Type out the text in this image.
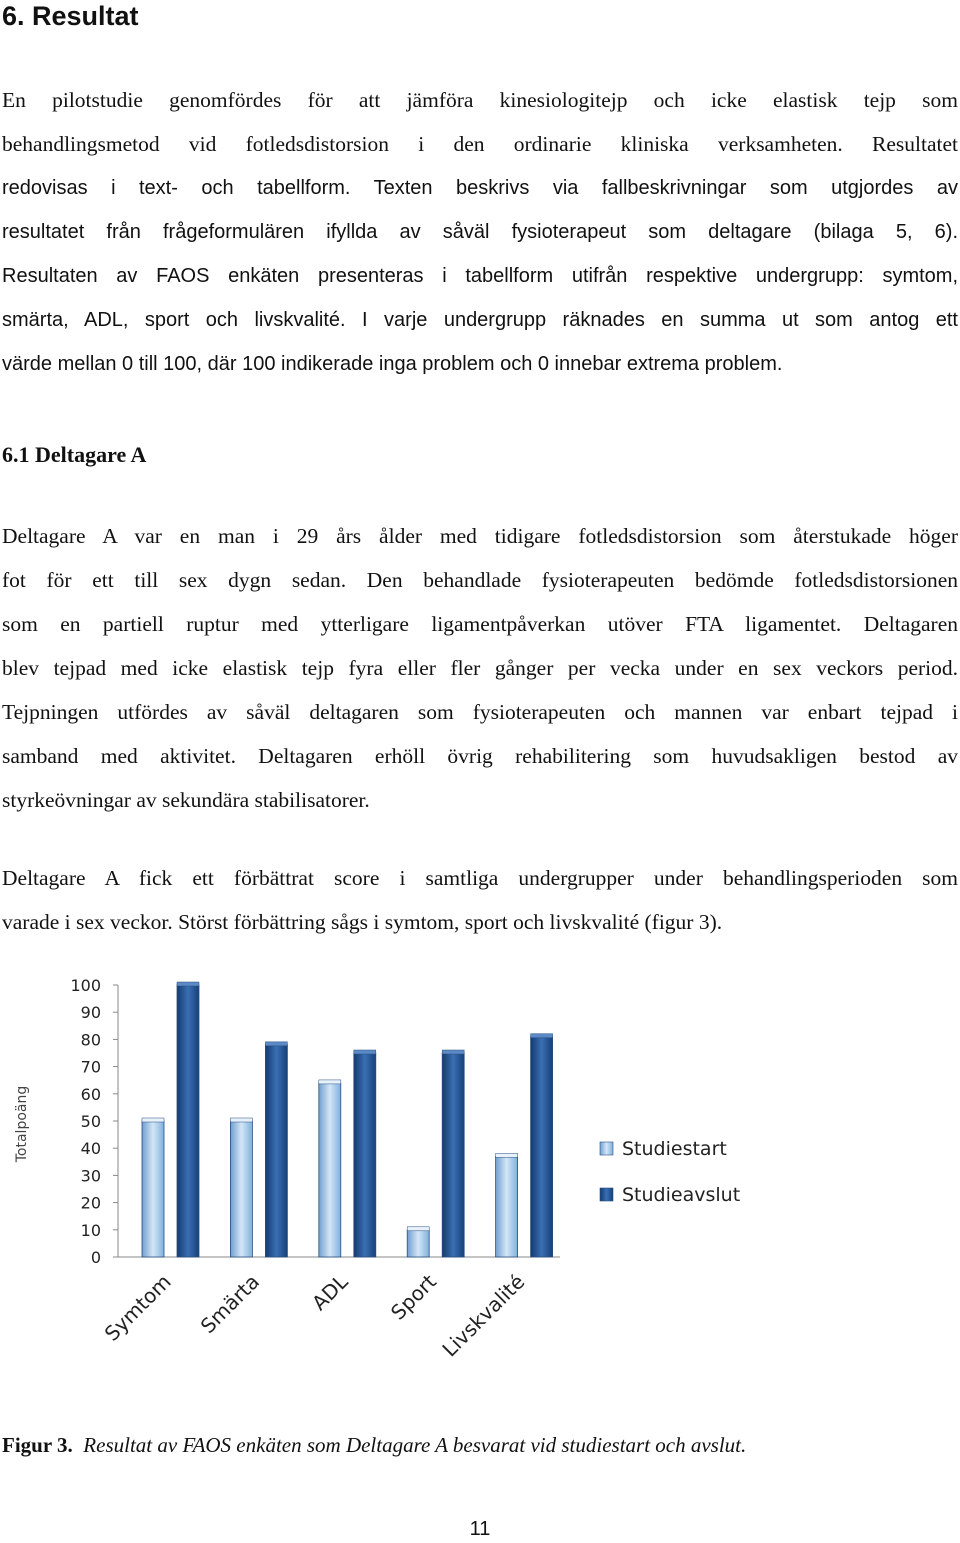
6. Resultat
En pilotstudie genomfördes för att jämföra kinesiologitejp och icke elastisk tejp som
behandlingsmetod vid fotledsdistorsion i den ordinarie kliniska verksamheten. Resultatet
redovisas i text- och tabellform. Texten beskrivs via fallbeskrivningar som utgjordes av
resultatet från frågeformulären ifyllda av såväl fysioterapeut som deltagare (bilaga 5, 6).
Resultaten av FAOS enkäten presenteras i tabellform utifrån respektive undergrupp: symtom,
smärta, ADL, sport och livskvalité. I varje undergrupp räknades en summa ut som antog ett
värde mellan 0 till 100, där 100 indikerade inga problem och 0 innebar extrema problem.
6.1 Deltagare A
Deltagare A var en man i 29 års ålder med tidigare fotledsdistorsion som återstukade höger
fot för ett till sex dygn sedan. Den behandlade fysioterapeuten bedömde fotledsdistorsionen
som en partiell ruptur med ytterligare ligamentpåverkan utöver FTA ligamentet. Deltagaren
blev tejpad med icke elastisk tejp fyra eller fler gånger per vecka under en sex veckors period.
Tejpningen utfördes av såväl deltagaren som fysioterapeuten och mannen var enbart tejpad i
samband med aktivitet. Deltagaren erhöll övrig rehabilitering som huvudsakligen bestod av
styrkeövningar av sekundära stabilisatorer.
Deltagare A fick ett förbättrat score i samtliga undergrupper under behandlingsperioden som
varade i sex veckor. Störst förbättring sågs i symtom, sport och livskvalité (figur 3).
0
10
20
30
40
50
60
70
80
90
100
Totalpoäng
Symtom Smärta ADL Sport
Livskvalité
Studiestart
Studieavslut

Figur 3. Resultat av FAOS enkäten som Deltagare A besvarat vid studiestart och avslut.

11
